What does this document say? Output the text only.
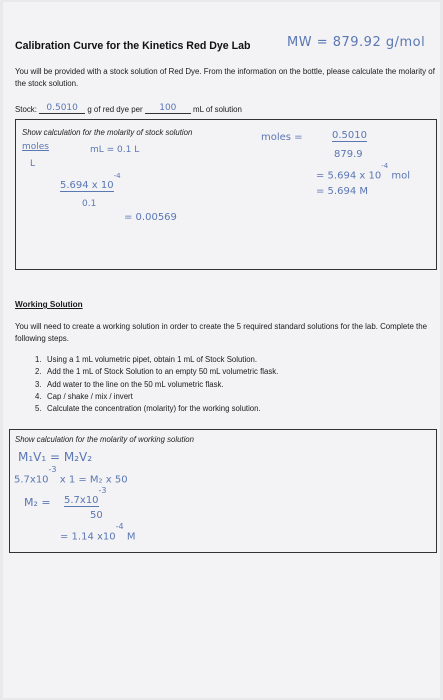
Calibration Curve for the Kinetics Red Dye Lab	MW = 879.92 g/mol
You will be provided with a stock solution of Red Dye. From the information on the bottle, please calculate the molarity of the stock solution.
Stock: 0.5010 g of red dye per 100 mL of solution
Show calculation for the molarity of stock solution
moles	mL = 0.1 L
L
5.694 x $10^{-4}$
0.1
= 0.00569
moles =	0.5010
879.9
= 5.694 x $10^{-4}$ mol
= 5.694 M
Working Solution
You will need to create a working solution in order to create the 5 required standard solutions for the lab. Complete the following steps.
1. Using a 1 mL volumetric pipet, obtain 1 mL of Stock Solution.
2. Add the 1 mL of Stock Solution to an empty 50 mL volumetric flask.
3. Add water to the line on the 50 mL volumetric flask.
4. Cap / shake / mix / invert
5. Calculate the concentration (molarity) for the working solution.
Show calculation for the molarity of working solution
M₁V₁ = M₂V₂
$5.7x10^{-3}$ x 1 = M₂ x 50
$M_2 = 5.7x10^{-3}$
50
= 1.14 $x10^{-4}$ M
